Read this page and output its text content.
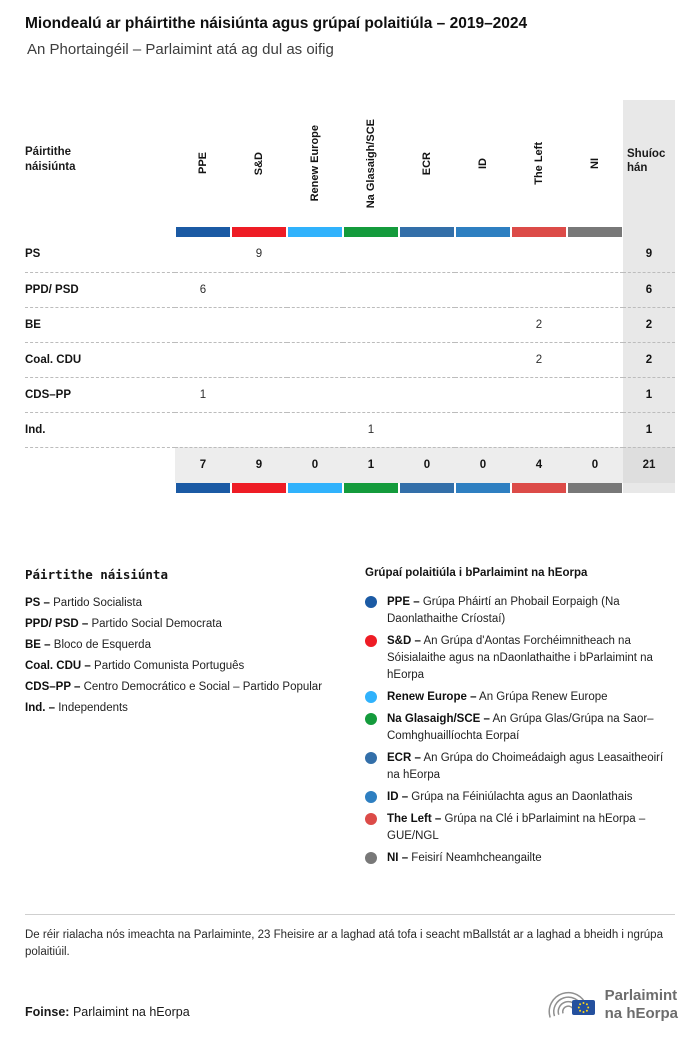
Miondealú ar pháirtithe náisiúnta agus grúpaí polaitiúla – 2019–2024
An Phortaingéil – Parlaimint atá ag dul as oifig
Páirtithe náisiúnta	PPE	S&D	Renew Europe	Na Glasaigh/SCE	ECR	ID	The Left	NI	Shuíochán

PS		9							9
PPD/ PSD	6								6
BE							2		2
Coal. CDU							2		2
CDS–PP	1								1
Ind.				1					1
	7	9	0	1	0	0	4	0	21

Páirtithe náisiúnta
PS – Partido Socialista
PPD/ PSD – Partido Social Democrata
BE – Bloco de Esquerda
Coal. CDU – Partido Comunista Português
CDS–PP – Centro Democrático e Social – Partido Popular
Ind. – Independents
Grúpaí polaitiúla i bParlaimint na hEorpa
PPE – Grúpa Pháirtí an Phobail Eorpaigh (Na Daonlathaithe Críostaí)
S&D – An Grúpa d'Aontas Forchéimnitheach na Sóisialaithe agus na nDaonlathaithe i bParlaimint na hEorpa
Renew Europe – An Grúpa Renew Europe
Na Glasaigh/SCE – An Grúpa Glas/Grúpa na Saor–Comhghuaillíochta Eorpaí
ECR – An Grúpa do Choimeádaigh agus Leasaitheoirí na hEorpa
ID – Grúpa na Féiniúlachta agus an Daonlathais
The Left – Grúpa na Clé i bParlaimint na hEorpa – GUE/NGL
NI – Feisirí Neamhcheangailte

De réir rialacha nós imeachta na Parlaiminte, 23 Fheisire ar a laghad atá tofa i seacht mBallstát ar a laghad a bheidh i ngrúpa polaitiúil.

Foinse: Parlaimint na hEorpa

Parlaimint
na hEorpa
